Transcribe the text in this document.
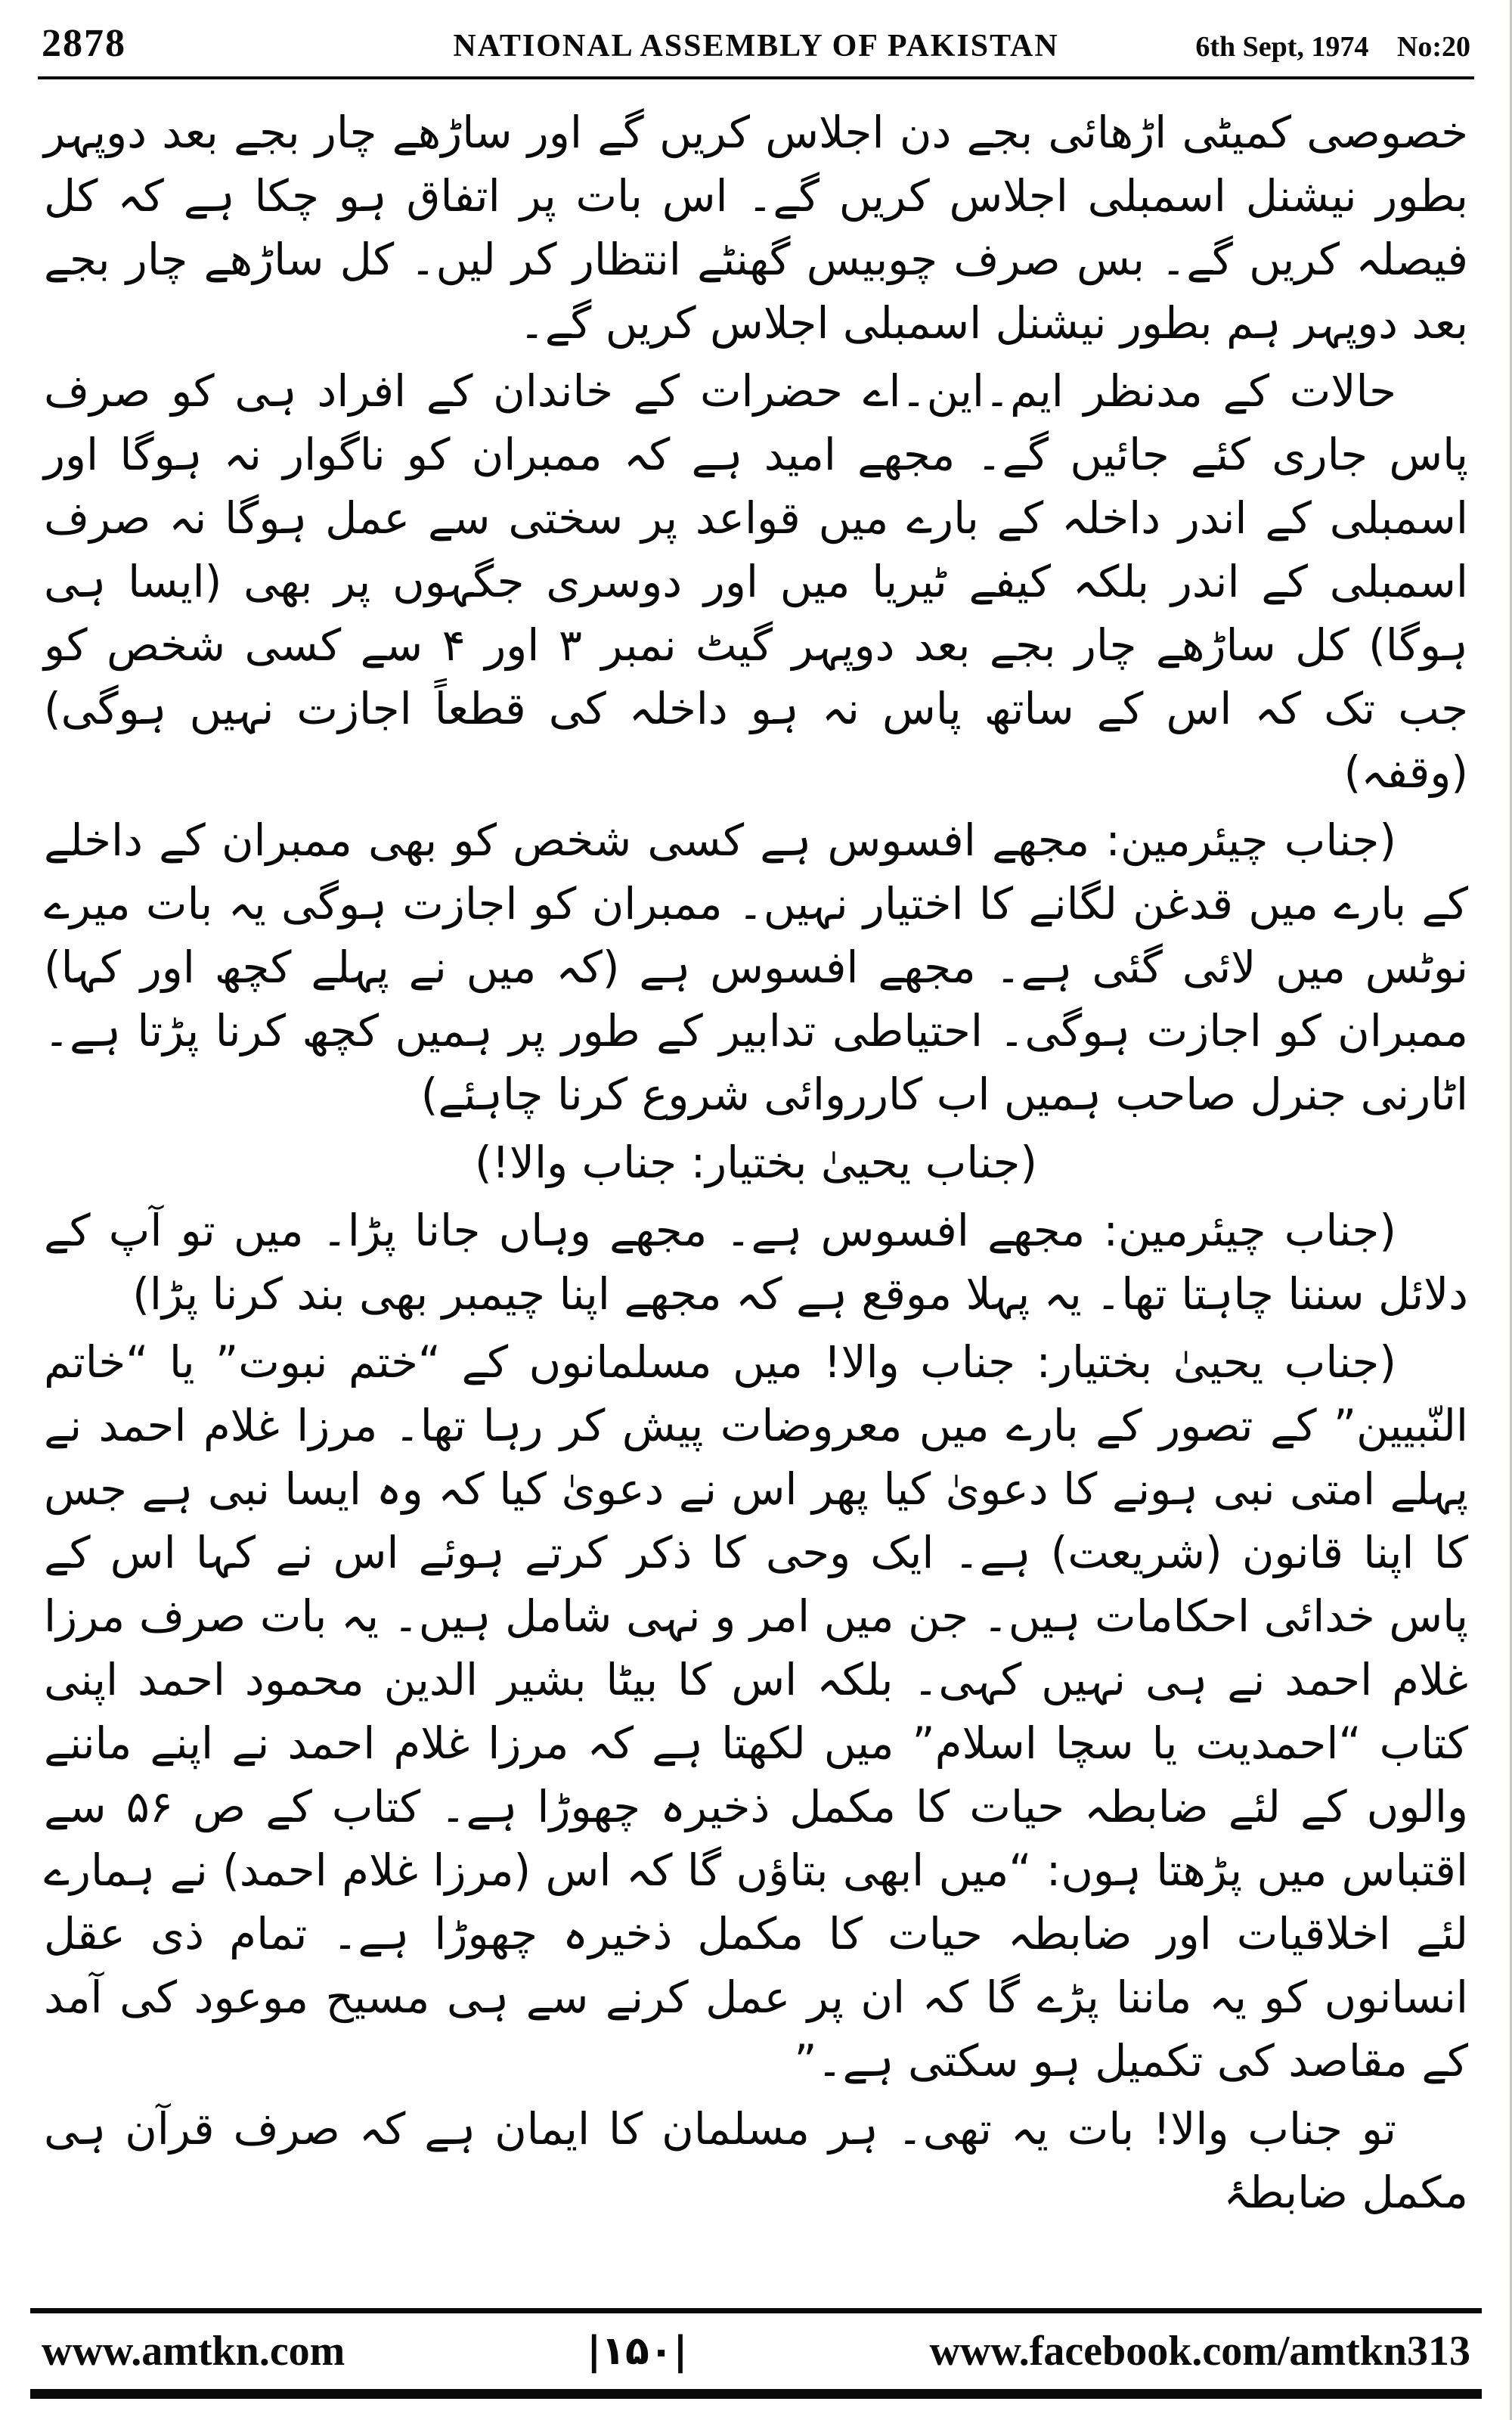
2878	NATIONAL ASSEMBLY OF PAKISTAN	6th Sept, 1974 No:20

خصوصی کمیٹی اڑھائی بجے دن اجلاس کریں گے اور ساڑھے چار بجے بعد دوپہر بطور نیشنل اسمبلی اجلاس کریں گے۔ اس بات پر اتفاق ہو چکا ہے کہ کل فیصلہ کریں گے۔ بس صرف چوبیس گھنٹے انتظار کر لیں۔ کل ساڑھے چار بجے بعد دوپہر ہم بطور نیشنل اسمبلی اجلاس کریں گے۔

حالات کے مدنظر ایم۔این۔اے حضرات کے خاندان کے افراد ہی کو صرف پاس جاری کئے جائیں گے۔ مجھے امید ہے کہ ممبران کو ناگوار نہ ہوگا اور اسمبلی کے اندر داخلہ کے بارے میں قواعد پر سختی سے عمل ہوگا نہ صرف اسمبلی کے اندر بلکہ کیفے ٹیریا میں اور دوسری جگہوں پر بھی (ایسا ہی ہوگا) کل ساڑھے چار بجے بعد دوپہر گیٹ نمبر ۳ اور ۴ سے کسی شخص کو جب تک کہ اس کے ساتھ پاس نہ ہو داخلہ کی قطعاً اجازت نہیں ہوگی) (وقفہ)

(جناب چیئرمین: مجھے افسوس ہے کسی شخص کو بھی ممبران کے داخلے کے بارے میں قدغن لگانے کا اختیار نہیں۔ ممبران کو اجازت ہوگی یہ بات میرے نوٹس میں لائی گئی ہے۔ مجھے افسوس ہے (کہ میں نے پہلے کچھ اور کہا) ممبران کو اجازت ہوگی۔ احتیاطی تدابیر کے طور پر ہمیں کچھ کرنا پڑتا ہے۔ اٹارنی جنرل صاحب ہمیں اب کارروائی شروع کرنا چاہئے)

(جناب یحییٰ بختیار: جناب والا!)

(جناب چیئرمین: مجھے افسوس ہے۔ مجھے وہاں جانا پڑا۔ میں تو آپ کے دلائل سننا چاہتا تھا۔ یہ پہلا موقع ہے کہ مجھے اپنا چیمبر بھی بند کرنا پڑا)

(جناب یحییٰ بختیار: جناب والا! میں مسلمانوں کے “ختم نبوت” یا “خاتم النّبیین” کے تصور کے بارے میں معروضات پیش کر رہا تھا۔ مرزا غلام احمد نے پہلے امتی نبی ہونے کا دعویٰ کیا پھر اس نے دعویٰ کیا کہ وہ ایسا نبی ہے جس کا اپنا قانون (شریعت) ہے۔ ایک وحی کا ذکر کرتے ہوئے اس نے کہا اس کے پاس خدائی احکامات ہیں۔ جن میں امر و نہی شامل ہیں۔ یہ بات صرف مرزا غلام احمد نے ہی نہیں کہی۔ بلکہ اس کا بیٹا بشیر الدین محمود احمد اپنی کتاب “احمدیت یا سچا اسلام” میں لکھتا ہے کہ مرزا غلام احمد نے اپنے ماننے والوں کے لئے ضابطہ حیات کا مکمل ذخیرہ چھوڑا ہے۔ کتاب کے ص ۵۶ سے اقتباس میں پڑھتا ہوں: “میں ابھی بتاؤں گا کہ اس (مرزا غلام احمد) نے ہمارے لئے اخلاقیات اور ضابطہ حیات کا مکمل ذخیرہ چھوڑا ہے۔ تمام ذی عقل انسانوں کو یہ ماننا پڑے گا کہ ان پر عمل کرنے سے ہی مسیح موعود کی آمد کے مقاصد کی تکمیل ہو سکتی ہے۔”

تو جناب والا! بات یہ تھی۔ ہر مسلمان کا ایمان ہے کہ صرف قرآن ہی مکمل ضابطۂ

www.amtkn.com	|۱۵۰|	www.facebook.com/amtkn313
